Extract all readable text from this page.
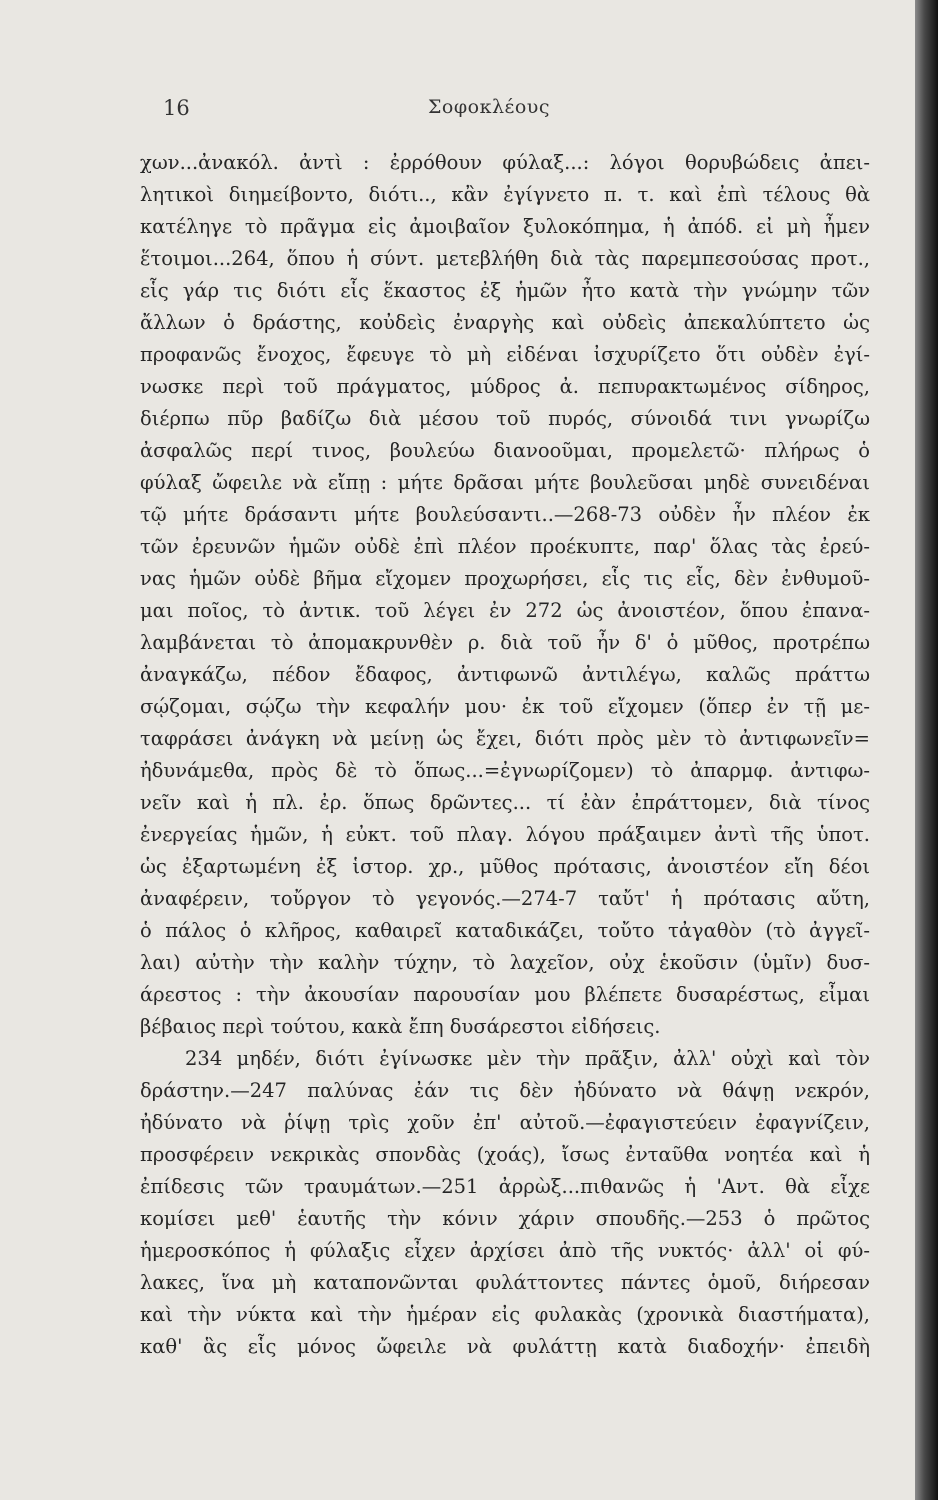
16	Σοφοκλέους

χων...ἀνακόλ. ἀντὶ : ἐρρόθουν φύλαξ...: λόγοι θορυβώδεις ἀπει-

λητικοὶ διημείβοντο, διότι.., κἂν ἐγίγνετο π. τ. καὶ ἐπὶ τέλους θὰ

κατέληγε τὸ πρᾶγμα εἰς ἀμοιβαῖον ξυλοκόπημα, ἡ ἀπόδ. εἰ μὴ ἦμεν

ἕτοιμοι...264, ὅπου ἡ σύντ. μετεβλήθη διὰ τὰς παρεμπεσούσας προτ.,

εἷς γάρ τις διότι εἷς ἕκαστος ἐξ ἡμῶν ἦτο κατὰ τὴν γνώμην τῶν

ἄλλων ὁ δράστης, κοὐδεὶς ἐναργὴς καὶ οὐδεὶς ἀπεκαλύπτετο ὡς

προφανῶς ἔνοχος, ἔφευγε τὸ μὴ εἰδέναι ἰσχυρίζετο ὅτι οὐδὲν ἐγί-

νωσκε περὶ τοῦ πράγματος, μύδρος ἀ. πεπυρακτωμένος σίδηρος,

διέρπω πῦρ βαδίζω διὰ μέσου τοῦ πυρός, σύνοιδά τινι γνωρίζω

ἀσφαλῶς περί τινος, βουλεύω διανοοῦμαι, προμελετῶ· πλήρως ὁ

φύλαξ ὤφειλε νὰ εἴπῃ : μήτε δρᾶσαι μήτε βουλεῦσαι μηδὲ συνειδέναι

τῷ μήτε δράσαντι μήτε βουλεύσαντι..—268-73 οὐδὲν ἦν πλέον ἐκ

τῶν ἐρευνῶν ἡμῶν οὐδὲ ἐπὶ πλέον προέκυπτε, παρ' ὅλας τὰς ἐρεύ-

νας ἡμῶν οὐδὲ βῆμα εἴχομεν προχωρήσει, εἷς τις εἷς, δὲν ἐνθυμοῦ-

μαι ποῖος, τὸ ἀντικ. τοῦ λέγει ἐν 272 ὡς ἀνοιστέον, ὅπου ἐπανα-

λαμβάνεται τὸ ἀπομακρυνθὲν ρ. διὰ τοῦ ἦν δ' ὁ μῦθος, προτρέπω

ἀναγκάζω, πέδον ἔδαφος, ἀντιφωνῶ ἀντιλέγω, καλῶς πράττω

σῴζομαι, σῴζω τὴν κεφαλήν μου· ἐκ τοῦ εἴχομεν (ὅπερ ἐν τῇ με-

ταφράσει ἀνάγκη νὰ μείνῃ ὡς ἔχει, διότι πρὸς μὲν τὸ ἀντιφωνεῖν=

ἠδυνάμεθα, πρὸς δὲ τὸ ὅπως...=ἐγνωρίζομεν) τὸ ἀπαρμφ. ἀντιφω-

νεῖν καὶ ἡ πλ. ἐρ. ὅπως δρῶντες... τί ἐὰν ἐπράττομεν, διὰ τίνος

ἐνεργείας ἡμῶν, ἡ εὐκτ. τοῦ πλαγ. λόγου πράξαιμεν ἀντὶ τῆς ὑποτ.

ὡς ἐξαρτωμένη ἐξ ἱστορ. χρ., μῦθος πρότασις, ἀνοιστέον εἴη δέοι

ἀναφέρειν, τοὔργον τὸ γεγονός.—274-7 ταὔτ' ἡ πρότασις αὕτη,

ὁ πάλος ὁ κλῆρος, καθαιρεῖ καταδικάζει, τοὔτο τἀγαθὸν (τὸ ἀγγεῖ-

λαι) αὐτὴν τὴν καλὴν τύχην, τὸ λαχεῖον, οὐχ ἑκοῦσιν (ὑμῖν) δυσ-

άρεστος : τὴν ἀκουσίαν παρουσίαν μου βλέπετε δυσαρέστως, εἶμαι

βέβαιος περὶ τούτου, κακὰ ἔπη δυσάρεστοι εἰδήσεις.

234 μηδέν, διότι ἐγίνωσκε μὲν τὴν πρᾶξιν, ἀλλ' οὐχὶ καὶ τὸν

δράστην.—247 παλύνας ἐάν τις δὲν ἠδύνατο νὰ θάψῃ νεκρόν,

ἠδύνατο νὰ ῥίψῃ τρὶς χοῦν ἐπ' αὐτοῦ.—ἐφαγιστεύειν ἐφαγνίζειν,

προσφέρειν νεκρικὰς σπονδὰς (χοάς), ἴσως ἐνταῦθα νοητέα καὶ ἡ

ἐπίδεσις τῶν τραυμάτων.—251 ἀρρὼξ...πιθανῶς ἡ 'Αντ. θὰ εἶχε

κομίσει μεθ' ἑαυτῆς τὴν κόνιν χάριν σπουδῆς.—253 ὁ πρῶτος

ἡμεροσκόπος ἡ φύλαξις εἶχεν ἀρχίσει ἀπὸ τῆς νυκτός· ἀλλ' οἱ φύ-

λακες, ἵνα μὴ καταπονῶνται φυλάττοντες πάντες ὁμοῦ, διήρεσαν

καὶ τὴν νύκτα καὶ τὴν ἡμέραν εἰς φυλακὰς (χρονικὰ διαστήματα),

καθ' ἃς εἷς μόνος ὤφειλε νὰ φυλάττῃ κατὰ διαδοχήν· ἐπειδὴ
